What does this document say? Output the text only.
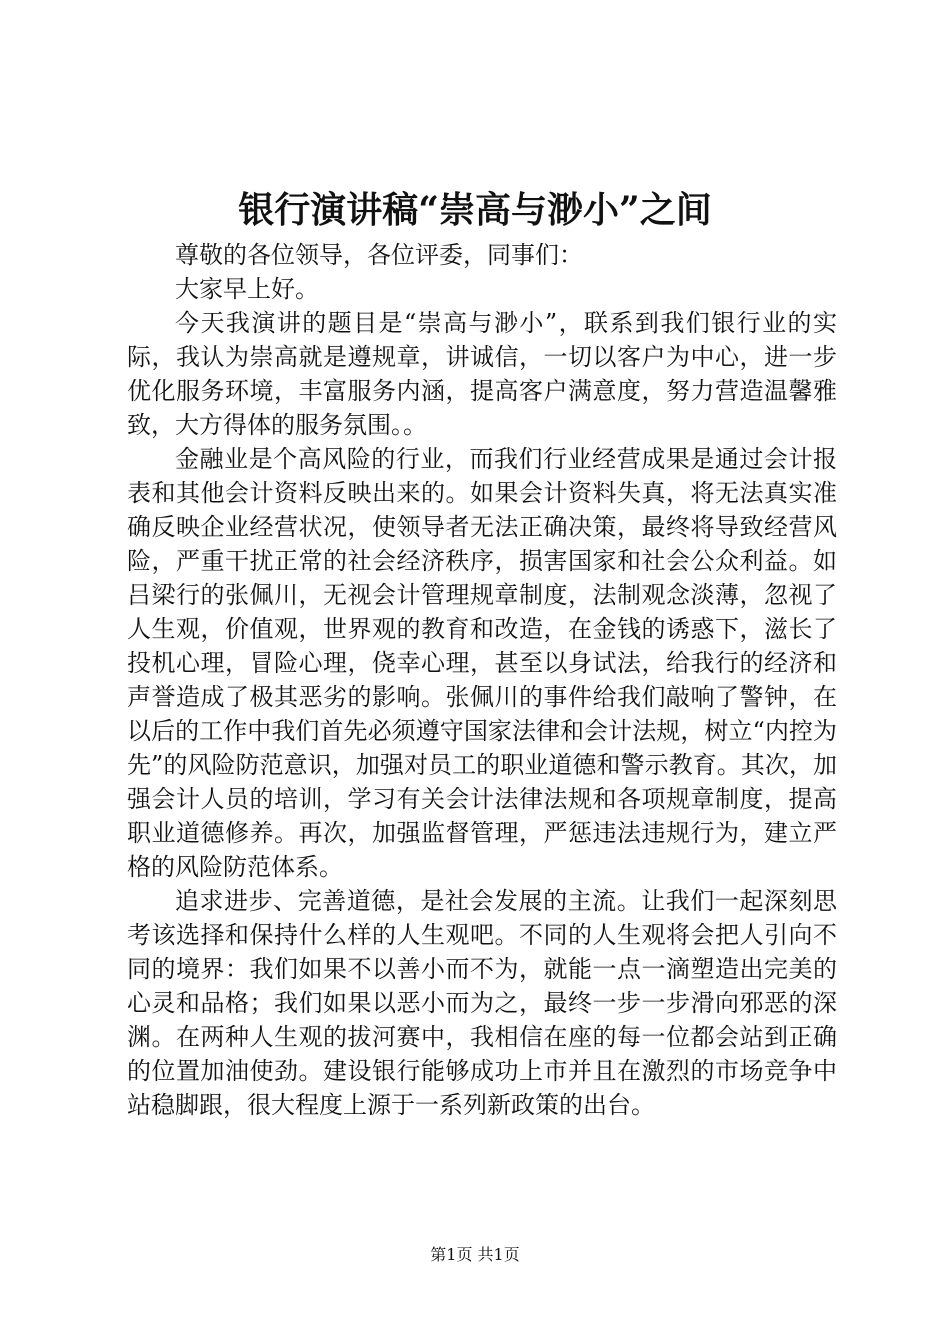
银行演讲稿“崇高与渺小”之间

尊敬的各位领导，各位评委，同事们：

大家早上好。

今天我演讲的题目是“崇高与渺小”，联系到我们银行业的实际，我认为崇高就是遵规章，讲诚信，一切以客户为中心，进一步优化服务环境，丰富服务内涵，提高客户满意度，努力营造温馨雅致，大方得体的服务氛围。。

金融业是个高风险的行业，而我们行业经营成果是通过会计报表和其他会计资料反映出来的。如果会计资料失真，将无法真实准确反映企业经营状况，使领导者无法正确决策，最终将导致经营风险，严重干扰正常的社会经济秩序，损害国家和社会公众利益。如吕梁行的张佩川，无视会计管理规章制度，法制观念淡薄，忽视了人生观，价值观，世界观的教育和改造，在金钱的诱惑下，滋长了投机心理，冒险心理，侥幸心理，甚至以身试法，给我行的经济和声誉造成了极其恶劣的影响。张佩川的事件给我们敲响了警钟，在以后的工作中我们首先必须遵守国家法律和会计法规，树立“内控为先”的风险防范意识，加强对员工的职业道德和警示教育。其次，加强会计人员的培训，学习有关会计法律法规和各项规章制度，提高职业道德修养。再次，加强监督管理，严惩违法违规行为，建立严格的风险防范体系。

追求进步、完善道德，是社会发展的主流。让我们一起深刻思考该选择和保持什么样的人生观吧。不同的人生观将会把人引向不同的境界：我们如果不以善小而不为，就能一点一滴塑造出完美的心灵和品格；我们如果以恶小而为之，最终一步一步滑向邪恶的深渊。在两种人生观的拔河赛中，我相信在座的每一位都会站到正确的位置加油使劲。建设银行能够成功上市并且在激烈的市场竞争中站稳脚跟，很大程度上源于一系列新政策的出台。

第1页 共1页
